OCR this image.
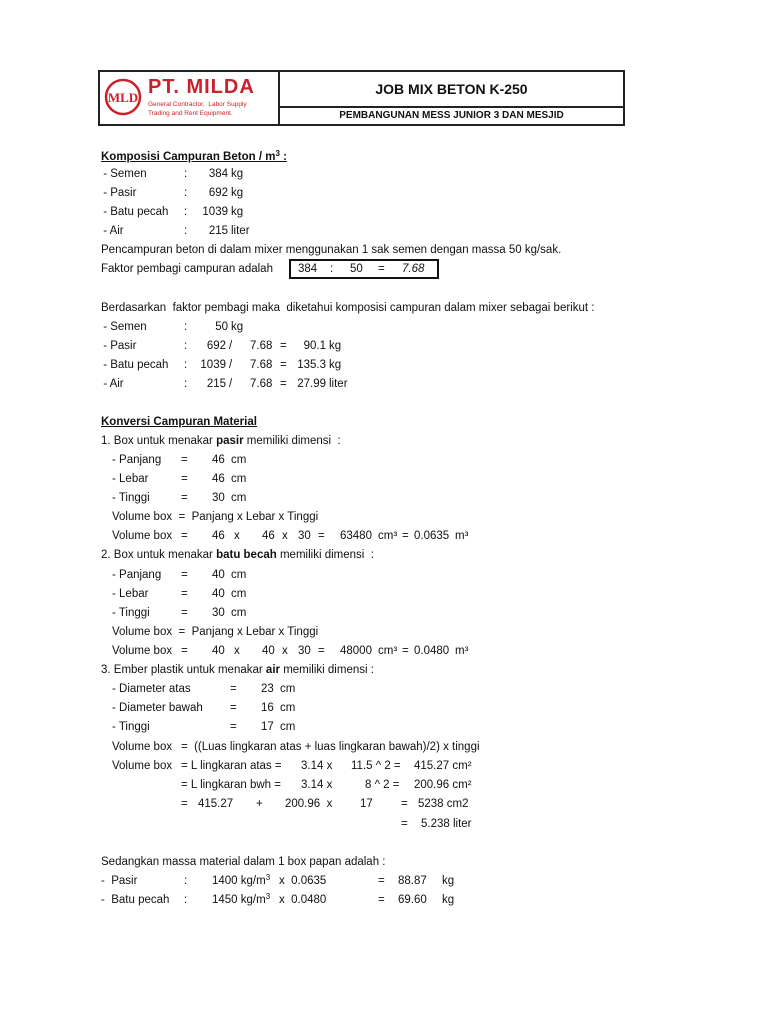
MLD PT. MILDA
General Contractor,  Labor Supply
Trading and Rent Equipment.
JOB MIX BETON K-250
PEMBANGUNAN MESS JUNIOR 3 DAN MESJID
Komposisi Campuran Beton / $m^3$ :
- Semen	: 384 kg
- Pasir	: 692 kg
- Batu pecah :	1039 kg
- Air	: 215 liter
Pencampuran beton di dalam mixer menggunakan 1 sak semen dengan massa 50 kg/sak.
Faktor pembagi campuran adalah 384 : 50 = 7.68
Berdasarkan  faktor pembagi maka  diketahui komposisi campuran dalam mixer sebagai berikut :
- Semen	:	50 kg
- Pasir	:	692 / 7.68 =	90.1 kg
- Batu pecah :	1039 / 7.68 = 135.3 kg
- Air	:	215 / 7.68 = 27.99 liter
Konversi Campuran Material
1. Box untuk menakar pasir memiliki dimensi  :
- Panjang = 46 cm
- Lebar	= 46 cm
- Tinggi	= 30 cm
Volume box  =  Panjang x Lebar x Tinggi
Volume box = 46 x 46 x 30 = 63480 cm³ = 0.0635 m³
2. Box untuk menakar batu becah memiliki dimensi  :
- Panjang = 40 cm
- Lebar	= 40 cm
- Tinggi	= 30 cm
Volume box  =  Panjang x Lebar x Tinggi
Volume box = 40 x 40 x 30 = 48000 cm³ = 0.0480 m³
3. Ember plastik untuk menakar air memiliki dimensi :
- Diameter atas	= 23 cm
- Diameter bawah = 16 cm
- Tinggi	= 17 cm
Volume box =  ((Luas lingkaran atas + luas lingkaran bawah)/2) x tinggi
Volume box = L lingkaran atas = 3.14 x 11.5 ^ 2 = 415.27 cm²
= L lingkaran bwh = 3.14 x	8 ^ 2 = 200.96 cm²
= 415.27 + 200.96  x 17 = 5238 cm2
= 5.238 liter
Sedangkan massa material dalam 1 box papan adalah :
-  Pasir	: 1400 $kg/m^3$ x  0.0635	= 88.87 kg
-  Batu pecah : 1450 $kg/m^3$ x  0.0480	= 69.60 kg
